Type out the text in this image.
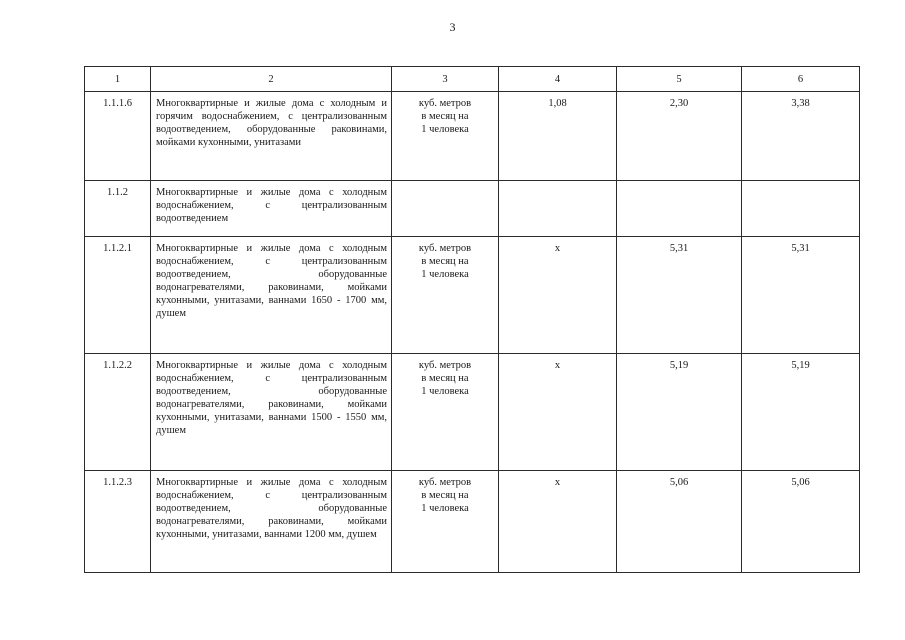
3
1	2	3	4	5	6
1.1.1.6	Многоквартирные и жилые дома с холодным и горячим водоснабжением, с централизованным водоотведением, оборудованные раковинами, мойками кухонными, унитазами	куб. метров
в месяц на
1 человека	1,08	2,30	3,38
1.1.2	Многоквартирные и жилые дома с холодным водоснабжением, с централизованным водоотведением	

1.1.2.1	Многоквартирные и жилые дома с холодным водоснабжением, с централизованным водоотведением, оборудованные водонагревателями, раковинами, мойками кухонными, унитазами, ваннами 1650 - 1700 мм, душем	куб. метров
в месяц на
1 человека	х	5,31	5,31
1.1.2.2	Многоквартирные и жилые дома с холодным водоснабжением, с централизованным водоотведением, оборудованные водонагревателями, раковинами, мойками кухонными, унитазами, ваннами 1500 - 1550 мм, душем	куб. метров
в месяц на
1 человека	х	5,19	5,19
1.1.2.3	Многоквартирные и жилые дома с холодным водоснабжением, с централизованным водоотведением, оборудованные водонагревателями, раковинами, мойками кухонными, унитазами, ваннами 1200 мм, душем	куб. метров
в месяц на
1 человека	х	5,06	5,06
